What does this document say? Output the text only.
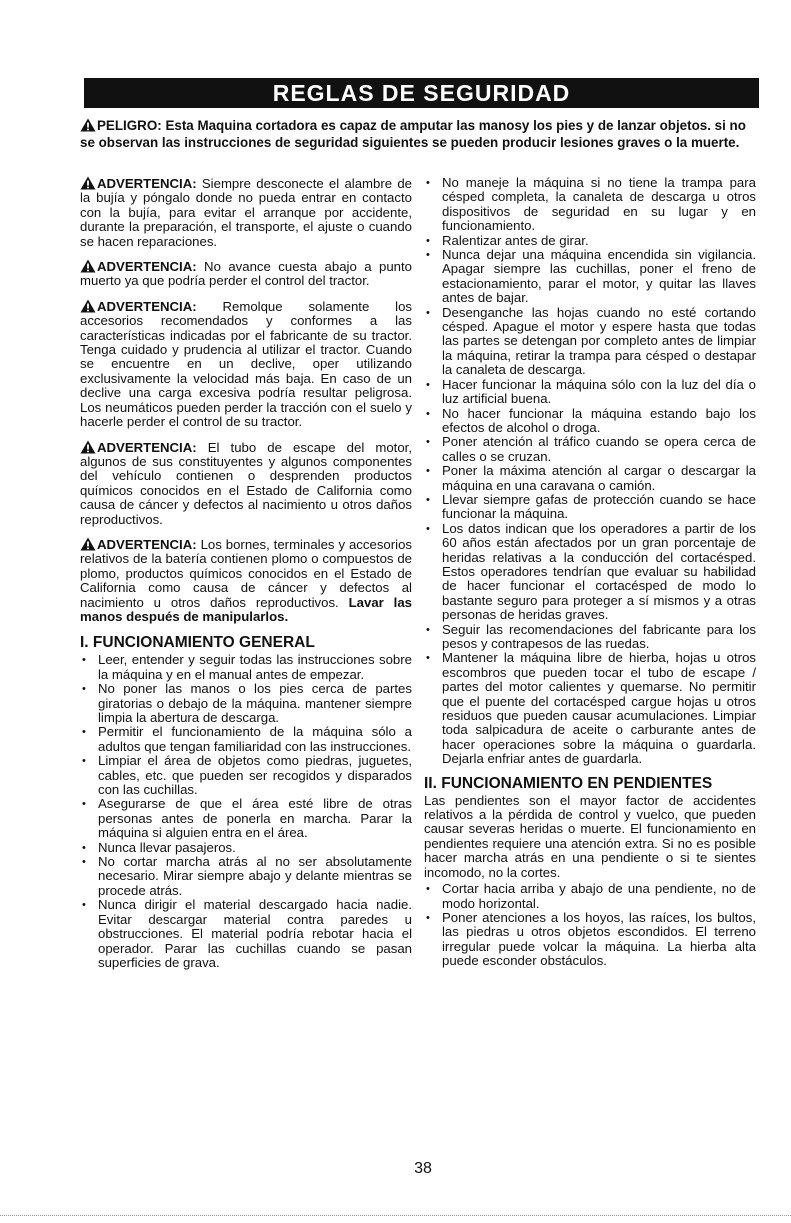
REGLAS DE SEGURIDAD
PELIGRO: Esta Maquina cortadora es capaz de amputar las manosy los pies y de lanzar objetos. si no se observan las instrucciones de seguridad siguientes se pueden producir lesiones graves o la muerte.

ADVERTENCIA: Siempre desconecte el alambre de la bujía y póngalo donde no pueda entrar en contacto con la bujía, para evitar el arranque por accidente, durante la preparación, el transporte, el ajuste o cuando se hacen reparaciones.

ADVERTENCIA: No avance cuesta abajo a punto muerto ya que podría perder el control del tractor.

ADVERTENCIA: Remolque solamente los accesorios recomendados y conformes a las características indicadas por el fabricante de su tractor. Tenga cuidado y prudencia al utilizar el tractor. Cuando se encuentre en un declive, oper utilizando exclusivamente la velocidad más baja. En caso de un declive una carga excesiva podría resultar peligrosa. Los neumáticos pueden perder la tracción con el suelo y hacerle perder el control de su tractor.

ADVERTENCIA: El tubo de escape del motor, algunos de sus constituyentes y algunos componentes del vehículo contienen o desprenden productos químicos conocidos en el Estado de California como causa de cáncer y defectos al nacimiento u otros daños reproductivos.

ADVERTENCIA: Los bornes, terminales y accesorios relativos de la batería contienen plomo o compuestos de plomo, productos químicos conocidos en el Estado de California como causa de cáncer y defectos al nacimiento u otros daños reproductivos. Lavar las manos después de manipularlos.

I. FUNCIONAMIENTO GENERAL
• Leer, entender y seguir todas las instrucciones sobre la máquina y en el manual antes de empezar.
• No poner las manos o los pies cerca de partes giratorias o debajo de la máquina. mantener siempre limpia la abertura de descarga.
• Permitir el funcionamiento de la máquina sólo a adultos que tengan familiaridad con las instrucciones.
• Limpiar el área de objetos como piedras, juguetes, cables, etc. que pueden ser recogidos y disparados con las cuchillas.
• Asegurarse de que el área esté libre de otras personas antes de ponerla en marcha. Parar la máquina si alguien entra en el área.
• Nunca llevar pasajeros.
• No cortar marcha atrás al no ser absolutamente necesario. Mirar siempre abajo y delante mientras se procede atrás.
• Nunca dirigir el material descargado hacia nadie. Evitar descargar material contra paredes u obstrucciones. El material podría rebotar hacia el operador. Parar las cuchillas cuando se pasan superficies de grava.
• No maneje la máquina si no tiene la trampa para césped completa, la canaleta de descarga u otros dispositivos de seguridad en su lugar y en funcionamiento.
• Ralentizar antes de girar.
• Nunca dejar una máquina encendida sin vigilancia. Apagar siempre las cuchillas, poner el freno de estacionamiento, parar el motor, y quitar las llaves antes de bajar.
• Desenganche las hojas cuando no esté cortando césped. Apague el motor y espere hasta que todas las partes se detengan por completo antes de limpiar la máquina, retirar la trampa para césped o destapar la canaleta de descarga.
• Hacer funcionar la máquina sólo con la luz del día o luz artificial buena.
• No hacer funcionar la máquina estando bajo los efectos de alcohol o droga.
• Poner atención al tráfico cuando se opera cerca de calles o se cruzan.
• Poner la máxima atención al cargar o descargar la máquina en una caravana o camión.
• Llevar siempre gafas de protección cuando se hace funcionar la máquina.
• Los datos indican que los operadores a partir de los 60 años están afectados por un gran porcentaje de heridas relativas a la conducción del cortacésped. Estos operadores tendrían que evaluar su habilidad de hacer funcionar el cortacésped de modo lo bastante seguro para proteger a sí mismos y a otras personas de heridas graves.
• Seguir las recomendaciones del fabricante para los pesos y contrapesos de las ruedas.
• Mantener la máquina libre de hierba, hojas u otros escombros que pueden tocar el tubo de escape / partes del motor calientes y quemarse. No permitir que el puente del cortacésped cargue hojas u otros residuos que pueden causar acumulaciones. Limpiar toda salpicadura de aceite o carburante antes de hacer operaciones sobre la máquina o guardarla. Dejarla enfriar antes de guardarla.
II. FUNCIONAMIENTO EN PENDIENTES

Las pendientes son el mayor factor de accidentes relativos a la pérdida de control y vuelco, que pueden causar severas heridas o muerte. El funcionamiento en pendientes requiere una atención extra. Si no es posible hacer marcha atrás en una pendiente o si te sientes incomodo, no la cortes.

• Cortar hacia arriba y abajo de una pendiente, no de modo horizontal.
• Poner atenciones a los hoyos, las raíces, los bultos, las piedras u otros objetos escondidos. El terreno irregular puede volcar la máquina. La hierba alta puede esconder obstáculos.
38
